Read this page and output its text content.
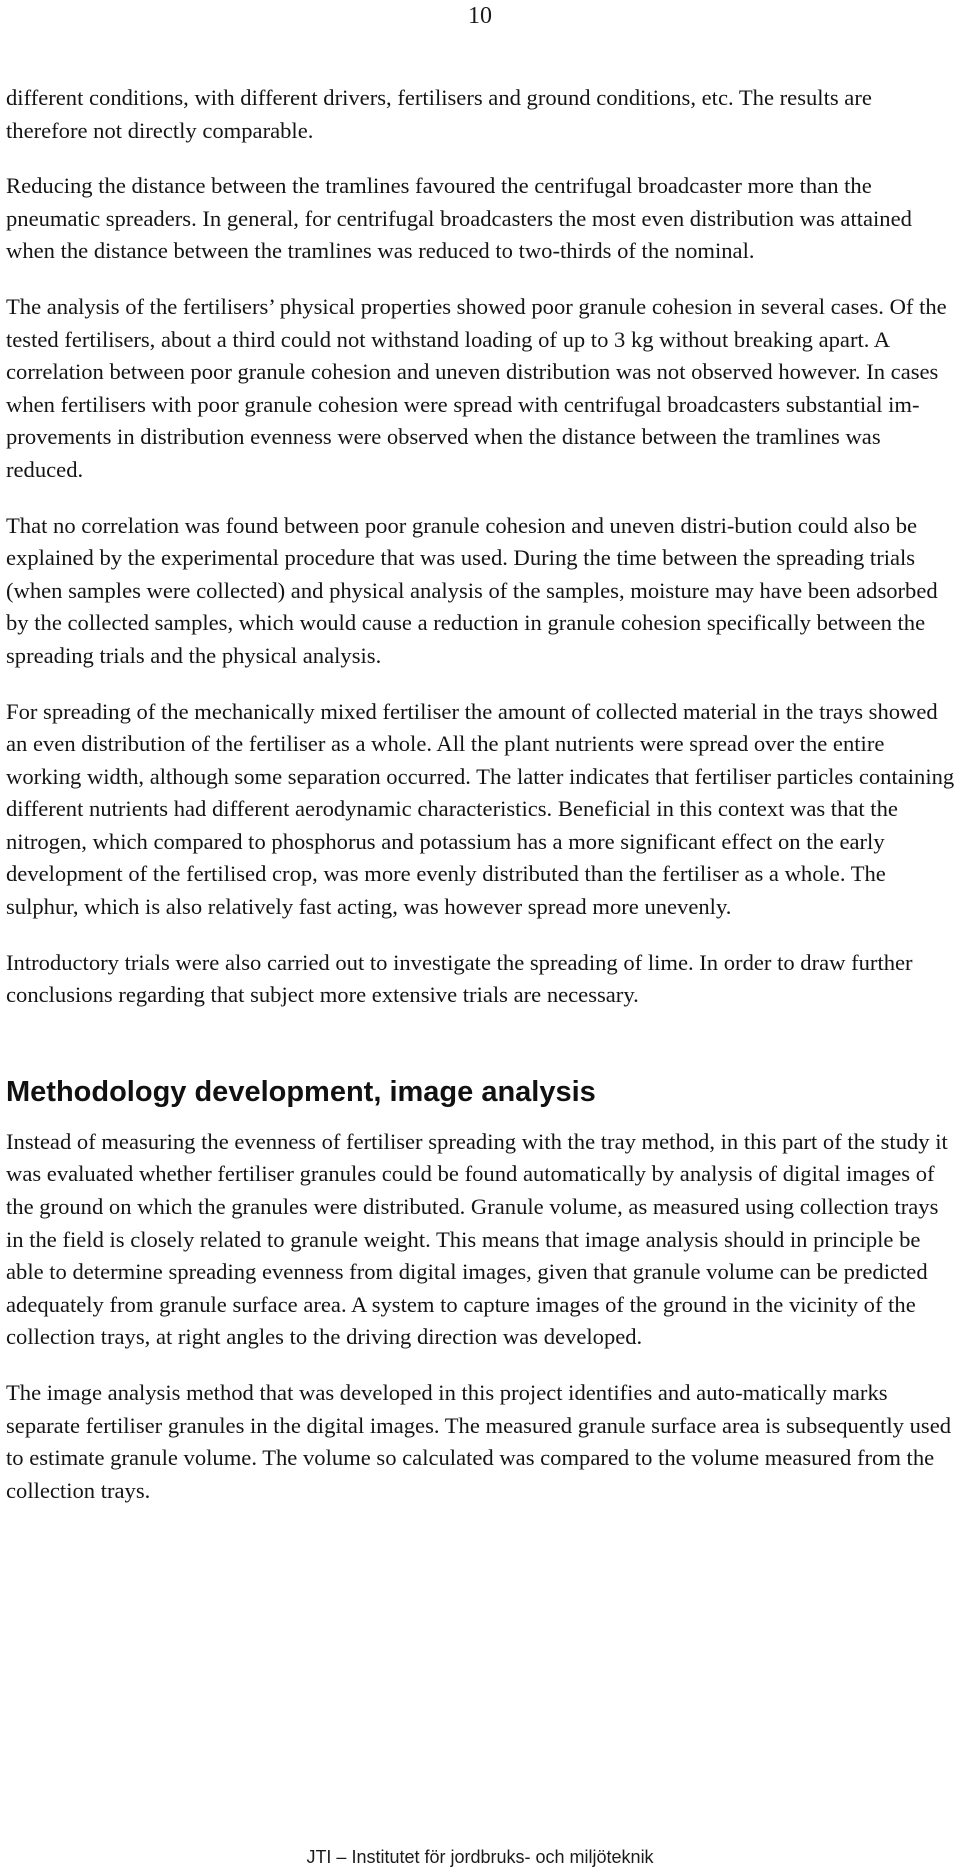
10

different conditions, with different drivers, fertilisers and ground conditions, etc. The results are therefore not directly comparable.

Reducing the distance between the tramlines favoured the centrifugal broadcaster more than the pneumatic spreaders. In general, for centrifugal broadcasters the most even distribution was attained when the distance between the tramlines was reduced to two-thirds of the nominal.

The analysis of the fertilisers’ physical properties showed poor granule cohesion in several cases. Of the tested fertilisers, about a third could not withstand loading of up to 3 kg without breaking apart. A correlation between poor granule cohesion and uneven distribution was not observed however. In cases when fertilisers with poor granule cohesion were spread with centrifugal broadcasters substantial im-provements in distribution evenness were observed when the distance between the tramlines was reduced.

That no correlation was found between poor granule cohesion and uneven distri-bution could also be explained by the experimental procedure that was used. During the time between the spreading trials (when samples were collected) and physical analysis of the samples, moisture may have been adsorbed by the collected samples, which would cause a reduction in granule cohesion specifically between the spreading trials and the physical analysis.

For spreading of the mechanically mixed fertiliser the amount of collected material in the trays showed an even distribution of the fertiliser as a whole. All the plant nutrients were spread over the entire working width, although some separation occurred. The latter indicates that fertiliser particles containing different nutrients had different aerodynamic characteristics. Beneficial in this context was that the nitrogen, which compared to phosphorus and potassium has a more significant effect on the early development of the fertilised crop, was more evenly distributed than the fertiliser as a whole. The sulphur, which is also relatively fast acting, was however spread more unevenly.

Introductory trials were also carried out to investigate the spreading of lime. In order to draw further conclusions regarding that subject more extensive trials are necessary.

Methodology development, image analysis

Instead of measuring the evenness of fertiliser spreading with the tray method, in this part of the study it was evaluated whether fertiliser granules could be found automatically by analysis of digital images of the ground on which the granules were distributed. Granule volume, as measured using collection trays in the field is closely related to granule weight. This means that image analysis should in principle be able to determine spreading evenness from digital images, given that granule volume can be predicted adequately from granule surface area. A system to capture images of the ground in the vicinity of the collection trays, at right angles to the driving direction was developed.

The image analysis method that was developed in this project identifies and auto-matically marks separate fertiliser granules in the digital images. The measured granule surface area is subsequently used to estimate granule volume. The volume so calculated was compared to the volume measured from the collection trays.

JTI – Institutet för jordbruks- och miljöteknik
